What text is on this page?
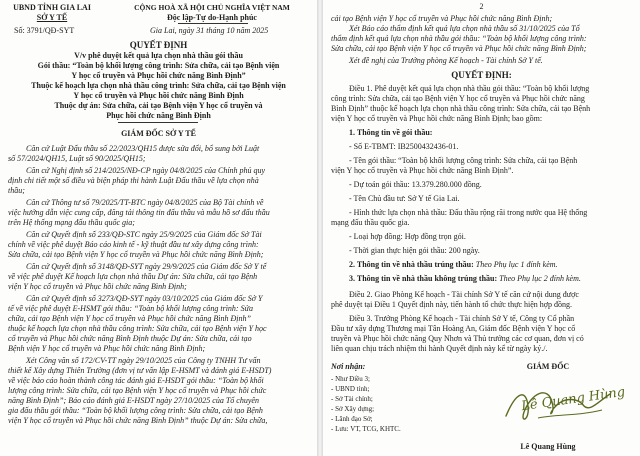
UBND TỈNH GIA LAI
SỞ Y TẾ
Số: 3791/QĐ-SYT
CỘNG HOÀ XÃ HỘI CHỦ NGHĨA VIỆT NAM
Độc lập-Tự do-Hạnh phúc
Gia Lai, ngày 31 tháng 10 năm 2025
QUYẾT ĐỊNH
V/v phê duyệt kết quả lựa chọn nhà thầu gói thầu
Gói thầu: “Toàn bộ khối lượng công trình: Sửa chữa, cải tạo Bệnh viện
Y học cổ truyền và Phục hồi chức năng Bình Định”
Thuộc kế hoạch lựa chọn nhà thầu công trình: Sửa chữa, cải tạo Bệnh viện
Y học cổ truyền và Phục hồi chức năng Bình Định
Thuộc dự án: Sửa chữa, cải tạo Bệnh viện Y học cổ truyền và
Phục hồi chức năng Bình Định
GIÁM ĐỐC SỞ Y TẾ
Căn cứ Luật Đấu thầu số 22/2023/QH15 được sửa đổi, bổ sung bởi Luật
số 57/2024/QH15, Luật số 90/2025/QH15;
Căn cứ Nghị định số 214/2025/NĐ-CP ngày 04/8/2025 của Chính phủ quy
định chi tiết một số điều và biện pháp thi hành Luật Đấu thầu về lựa chọn nhà
thầu;
Căn cứ Thông tư số 79/2025/TT-BTC ngày 04/8/2025 của Bộ Tài chính về
việc hướng dẫn việc cung cấp, đăng tải thông tin đấu thầu và mẫu hồ sơ đấu thầu
trên Hệ thống mạng đấu thầu quốc gia;
Căn cứ Quyết định số 233/QĐ-STC ngày 25/9/2025 của Giám đốc Sở Tài
chính về việc phê duyệt Báo cáo kinh tế - kỹ thuật đầu tư xây dựng công trình:
Sửa chữa, cải tạo Bệnh viện Y học cổ truyền và Phục hồi chức năng Bình Định;
Căn cứ Quyết định số 3148/QĐ-SYT ngày 29/9/2025 của Giám đốc Sở Y tế
về việc phê duyệt Kế hoạch lựa chọn nhà thầu Dự án: Sửa chữa, cải tạo Bệnh
viện Y học cổ truyền và Phục hồi chức năng Bình Định;
Căn cứ Quyết định số 3273/QĐ-SYT ngày 03/10/2025 của Giám đốc Sở Y
tế về việc phê duyệt E-HSMT gói thầu: “Toàn bộ khối lượng công trình: Sửa
chữa, cải tạo Bệnh viện Y học cổ truyền và Phục hồi chức năng Bình Định”
thuộc kế hoạch lựa chọn nhà thầu công trình: Sửa chữa, cải tạo Bệnh viện Y học
cổ truyền và Phục hồi chức năng Bình Định thuộc Dự án: Sửa chữa, cải tạo
Bệnh viện Y học cổ truyền và Phục hồi chức năng Bình Định;
Xét Công văn số 172/CV-TT ngày 29/10/2025 của Công ty TNHH Tư vấn
thiết kế Xây dựng Thiên Trường (đơn vị tư vấn lập E-HSMT và đánh giá E-HSDT)
về việc báo cáo hoàn thành công tác đánh giá E-HSDT gói thầu: “Toàn bộ khối
lượng công trình: Sửa chữa, cải tạo Bệnh viện Y học cổ truyền và Phục hồi chức
năng Bình Định”; Báo cáo đánh giá E-HSDT ngày 27/10/2025 của Tổ chuyên
gia đấu thầu gói thầu: “Toàn bộ khối lượng công trình: Sửa chữa, cải tạo Bệnh
viện Y học cổ truyền và Phục hồi chức năng Bình Định” thuộc Dự án: Sửa chữa,
2
cải tạo Bệnh viện Y học cổ truyền và Phục hồi chức năng Bình Định;
Xét Báo cáo thẩm định kết quả lựa chọn nhà thầu số 31/10/2025 của Tổ
thẩm định kết quả lựa chọn nhà thầu gói thầu: “Toàn bộ khối lượng công trình:
Sửa chữa, cải tạo Bệnh viện Y học cổ truyền và Phục hồi chức năng Bình Định;
Xét đề nghị của Trưởng phòng Kế hoạch - Tài chính Sở Y tế.
QUYẾT ĐỊNH:
Điều 1. Phê duyệt kết quả lựa chọn nhà thầu gói thầu: “Toàn bộ khối lượng
công trình: Sửa chữa, cải tạo Bệnh viện Y học cổ truyền và Phục hồi chức năng
Bình Định” thuộc kế hoạch lựa chọn nhà thầu công trình: Sửa chữa, cải tạo Bệnh
viện Y học cổ truyền và Phục hồi chức năng Bình Định; bao gồm:
1. Thông tin về gói thầu:
- Số E-TBMT: IB2500432436-01.
- Tên gói thầu: “Toàn bộ khối lượng công trình: Sửa chữa, cải tạo Bệnh
viện Y học cổ truyền và Phục hồi chức năng Bình Định”.
- Dự toán gói thầu: 13.379.280.000 đồng.
- Tên Chủ đầu tư: Sở Y tế Gia Lai.
- Hình thức lựa chọn nhà thầu: Đấu thầu rộng rãi trong nước qua Hệ thống
mạng đấu thầu quốc gia.
- Loại hợp đồng: Hợp đồng trọn gói.
- Thời gian thực hiện gói thầu: 200 ngày.
2. Thông tin về nhà thầu trúng thầu: Theo Phụ lục 1 đính kèm.
3. Thông tin về nhà thầu không trúng thầu: Theo Phụ lục 2 đính kèm.
Điều 2. Giao Phòng Kế hoạch - Tài chính Sở Y tế căn cứ nội dung được
phê duyệt tại Điều 1 Quyết định này, tiến hành tổ chức thực hiện hợp đồng.
Điều 3. Trưởng Phòng Kế hoạch - Tài chính Sở Y tế, Công ty Cổ phần
Đầu tư xây dựng Thương mại Tân Hoàng An, Giám đốc Bệnh viện Y học cổ
truyền và Phục hồi chức năng Quy Nhơn và Thủ trưởng các cơ quan, đơn vị có
liên quan chịu trách nhiệm thi hành Quyết định này kể từ ngày ký./.
Nơi nhận:
- Như Điều 3;
- UBND tỉnh;
- Sở Tài chính;
- Sở Xây dựng;
- Lãnh đạo Sở;
- Lưu: VT, TCG, KHTC.
GIÁM ĐỐC
Lê Quang Hùng
Lê Quang Hùng
